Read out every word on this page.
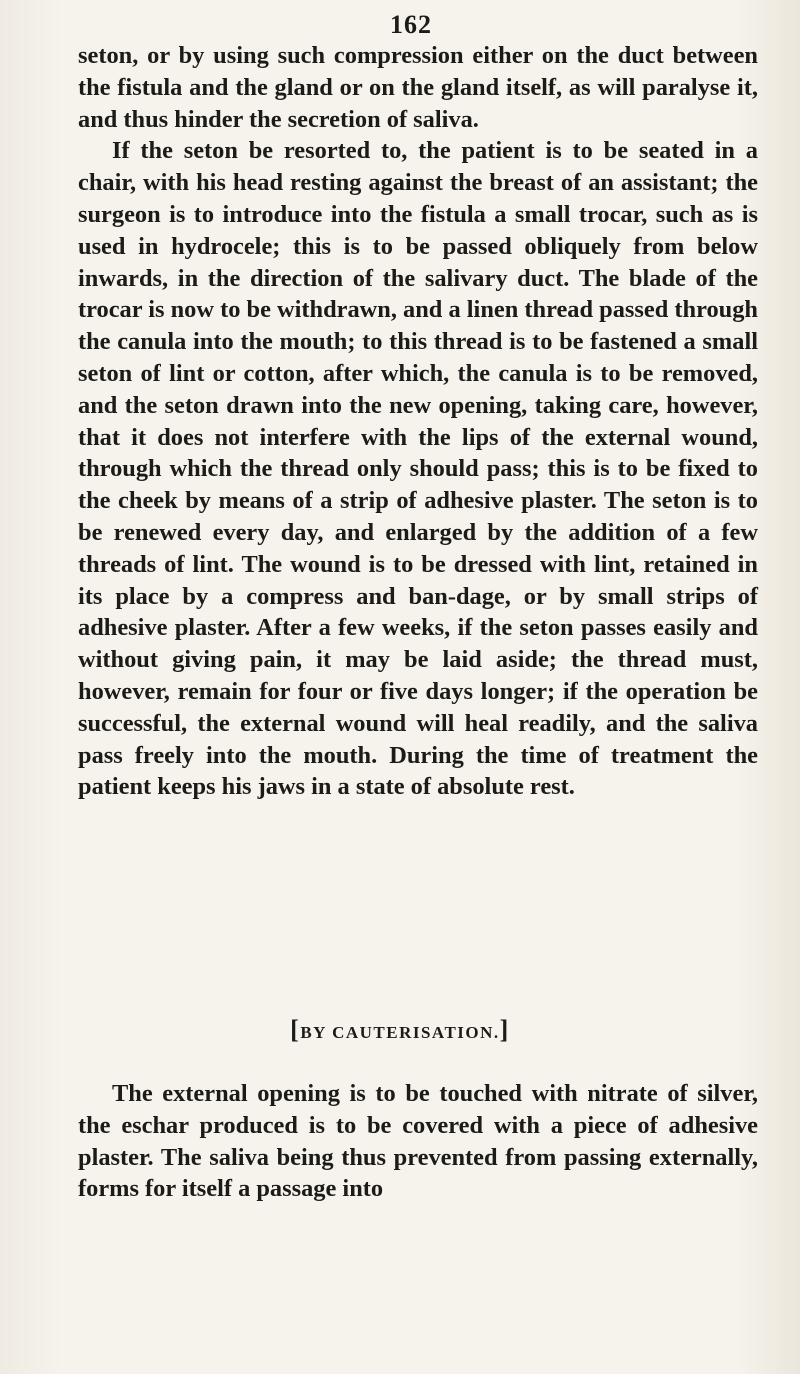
162

seton, or by using such compression either on the duct between the fistula and the gland or on the gland itself, as will paralyse it, and thus hinder the secretion of saliva.

If the seton be resorted to, the patient is to be seated in a chair, with his head resting against the breast of an assistant; the surgeon is to introduce into the fistula a small trocar, such as is used in hydrocele; this is to be passed obliquely from below inwards, in the direction of the salivary duct. The blade of the trocar is now to be withdrawn, and a linen thread passed through the canula into the mouth; to this thread is to be fastened a small seton of lint or cotton, after which, the canula is to be removed, and the seton drawn into the new opening, taking care, however, that it does not interfere with the lips of the external wound, through which the thread only should pass; this is to be fixed to the cheek by means of a strip of adhesive plaster. The seton is to be renewed every day, and enlarged by the addition of a few threads of lint. The wound is to be dressed with lint, retained in its place by a compress and ban-dage, or by small strips of adhesive plaster. After a few weeks, if the seton passes easily and without giving pain, it may be laid aside; the thread must, however, remain for four or five days longer; if the operation be successful, the external wound will heal readily, and the saliva pass freely into the mouth. During the time of treatment the patient keeps his jaws in a state of absolute rest.

[ BY CAUTERISATION. ]

The external opening is to be touched with nitrate of silver, the eschar produced is to be covered with a piece of adhesive plaster. The saliva being thus prevented from passing externally, forms for itself a passage into
